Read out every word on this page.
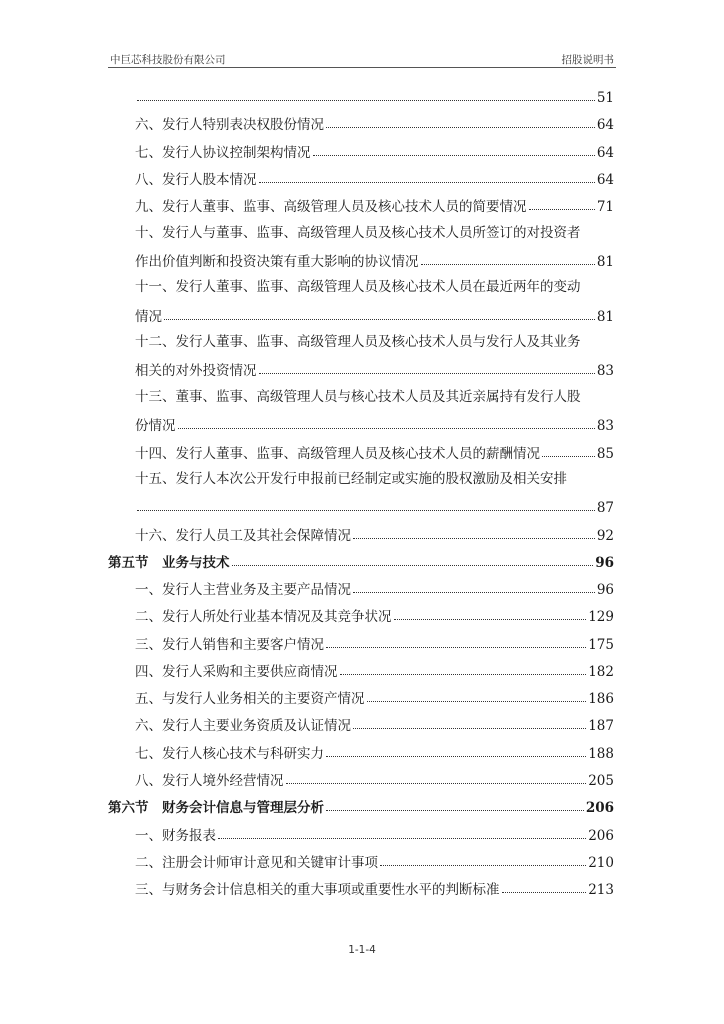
中巨芯科技股份有限公司	招股说明书
51
六、发行人特别表决权股份情况	64
七、发行人协议控制架构情况	64
八、发行人股本情况	64
九、发行人董事、监事、高级管理人员及核心技术人员的简要情况	71
十、发行人与董事、监事、高级管理人员及核心技术人员所签订的对投资者
作出价值判断和投资决策有重大影响的协议情况	81
十一、发行人董事、监事、高级管理人员及核心技术人员在最近两年的变动
情况	81
十二、发行人董事、监事、高级管理人员及核心技术人员与发行人及其业务
相关的对外投资情况	83
十三、董事、监事、高级管理人员与核心技术人员及其近亲属持有发行人股
份情况	83
十四、发行人董事、监事、高级管理人员及核心技术人员的薪酬情况	85
十五、发行人本次公开发行申报前已经制定或实施的股权激励及相关安排
87
十六、发行人员工及其社会保障情况	92
第五节　业务与技术	96
一、发行人主营业务及主要产品情况	96
二、发行人所处行业基本情况及其竞争状况	129
三、发行人销售和主要客户情况	175
四、发行人采购和主要供应商情况	182
五、与发行人业务相关的主要资产情况	186
六、发行人主要业务资质及认证情况	187
七、发行人核心技术与科研实力	188
八、发行人境外经营情况	205
第六节　财务会计信息与管理层分析	206
一、财务报表	206
二、注册会计师审计意见和关键审计事项	210
三、与财务会计信息相关的重大事项或重要性水平的判断标准	213
1-1-4
